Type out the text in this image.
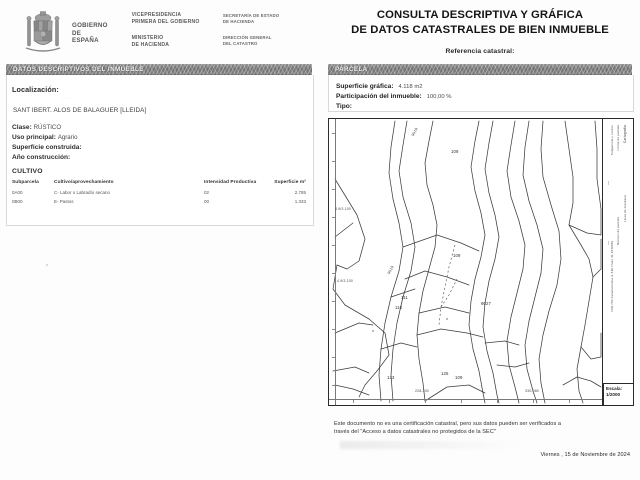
GOBIERNO
DE ESPAÑA
VICEPRESIDENCIA
PRIMERA DEL GOBIERNO
MINISTERIO
DE HACIENDA
SECRETARÍA DE ESTADO
DE HACIENDA
DIRECCIÓN GENERAL
DEL CATASTRO
DATOS DESCRIPTIVOS DEL INMUEBLE
Localización:
· ···
SANT IBERT. ALOS DE BALAGUER [LLEIDA]
Clase: RÚSTICO
Uso principal: Agrario
Superficie construida:
Año construcción:
CULTIVO
Subparcela	Cultivo/aprovechamiento	Intensidad Productiva	Superficie m²
0A00	C- Labor o Labradío secano	02	2.785
0B00	E- Pastos	00	1.333
CONSULTA DESCRIPTIVA Y GRÁFICA
DE DATOS CATASTRALES DE BIEN INMUEBLE
Referencia catastral:
PARCELA
Superficie gráfica: 4.118 m2
Participación del inmueble: 100,00 %
Tipo:
109
109
111
110
109
9027
123
125
4.9/3.100
4.9/3.100
228-330	330-080
9019
9019
Cartografía
Límite de parcela
Subparcela y recinto
Linea de manzana
Número de parcela
DIR.700 Característica U.T.M. Huso 31 ETRS89
—
—
Escala:
1/2000
Este documento no es una certificación catastral, pero sus datos pueden ser verificados a
través del "Acceso a datos catastrales no protegidos de la SEC"
Viernes , 15 de Noviembre de 2024
